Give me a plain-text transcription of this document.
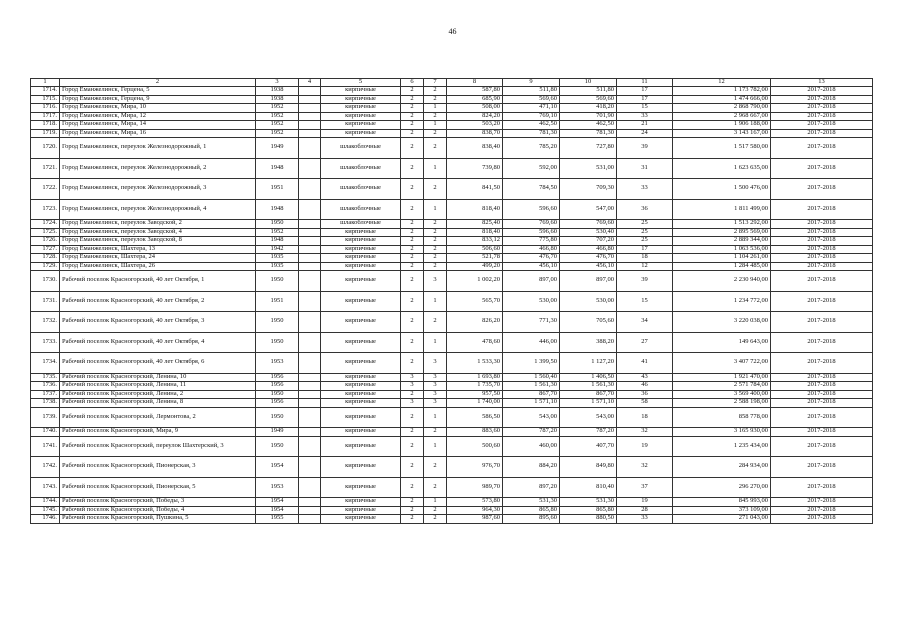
46
1	2	3	4	5	6	7	8	9	10	11	12	13
1714.	Город Еманжелинск, Герцена, 5	1938		кирпичные	2	2	587,80	511,80	511,80	17	1 173 782,00	2017-2018
1715.	Город Еманжелинск, Герцена, 9	1938		кирпичные	2	2	685,90	569,60	569,60	17	1 474 666,00	2017-2018
1716.	Город Еманжелинск, Мира, 10	1952		кирпичные	2	1	508,00	471,10	418,20	15	2 868 790,00	2017-2018
1717.	Город Еманжелинск, Мира, 12	1952		кирпичные	2	2	824,20	769,10	701,90	33	2 968 667,00	2017-2018
1718.	Город Еманжелинск, Мира, 14	1952		кирпичные	2	1	503,20	462,50	462,50	21	1 906 188,00	2017-2018
1719.	Город Еманжелинск, Мира, 16	1952		кирпичные	2	2	838,70	781,30	781,30	24	3 143 167,00	2017-2018
1720.	Город Еманжелинск, переулок Железнодорожный, 1	1949		шлакоблочные	2	2	838,40	785,20	727,80	39	1 517 580,00	2017-2018
1721.	Город Еманжелинск, переулок Железнодорожный, 2	1948		шлакоблочные	2	1	739,80	592,00	531,00	31	1 623 635,00	2017-2018
1722.	Город Еманжелинск, переулок Железнодорожный, 3	1951		шлакоблочные	2	2	841,50	784,50	709,30	33	1 500 476,00	2017-2018
1723.	Город Еманжелинск, переулок Железнодорожный, 4	1948		шлакоблочные	2	1	818,40	596,60	547,00	36	1 811 499,00	2017-2018
1724.	Город Еманжелинск, переулок Заводской, 2	1950		шлакоблочные	2	2	825,40	769,60	769,60	25	1 513 292,00	2017-2018
1725.	Город Еманжелинск, переулок Заводской, 4	1952		кирпичные	2	2	818,40	596,60	530,40	25	2 895 569,00	2017-2018
1726.	Город Еманжелинск, переулок Заводской, 8	1948		кирпичные	2	2	833,12	775,80	707,20	25	2 889 344,00	2017-2018
1727.	Город Еманжелинск, Шахтера, 13	1942		кирпичные	2	2	506,60	466,80	466,80	17	1 063 536,00	2017-2018
1728.	Город Еманжелинск, Шахтера, 24	1935		кирпичные	2	2	521,78	476,70	476,70	18	1 104 261,00	2017-2018
1729.	Город Еманжелинск, Шахтера, 26	1935		кирпичные	2	2	499,20	456,10	456,10	12	1 284 485,00	2017-2018
1730.	Рабочий поселок Красногорский, 40 лет Октября, 1	1950		кирпичные	2	3	1 002,20	897,00	897,00	39	2 230 940,00	2017-2018
1731.	Рабочий поселок Красногорский, 40 лет Октября, 2	1951		кирпичные	2	1	565,70	530,00	530,00	15	1 234 772,00	2017-2018
1732.	Рабочий поселок Красногорский, 40 лет Октября, 3	1950		кирпичные	2	2	826,20	771,30	705,60	34	3 220 038,00	2017-2018
1733.	Рабочий поселок Красногорский, 40 лет Октября, 4	1950		кирпичные	2	1	478,60	446,00	388,20	27	149 643,00	2017-2018
1734.	Рабочий поселок Красногорский, 40 лет Октября, 6	1953		кирпичные	2	3	1 533,30	1 399,50	1 127,20	41	3 407 722,00	2017-2018
1735.	Рабочий поселок Красногорский, Ленина, 10	1956		кирпичные	3	3	1 693,80	1 560,40	1 406,50	43	1 921 470,00	2017-2018
1736.	Рабочий поселок Красногорский, Ленина, 11	1956		кирпичные	3	3	1 735,70	1 561,30	1 561,30	46	2 571 784,00	2017-2018
1737.	Рабочий поселок Красногорский, Ленина, 2	1950		кирпичные	2	3	957,50	867,70	867,70	36	3 569 400,00	2017-2018
1738.	Рабочий поселок Красногорский, Ленина, 8	1956		кирпичные	3	3	1 740,00	1 571,10	1 571,10	58	2 588 198,00	2017-2018
1739.	Рабочий поселок Красногорский, Лермонтова, 2	1950		кирпичные	2	1	586,50	543,00	543,00	18	858 778,00	2017-2018
1740.	Рабочий поселок Красногорский, Мира, 9	1949		кирпичные	2	2	883,60	787,20	787,20	32	3 165 930,00	2017-2018
1741.	Рабочий поселок Красногорский, переулок Шахтерский, 3	1950		кирпичные	2	1	500,60	460,00	407,70	19	1 235 434,00	2017-2018
1742.	Рабочий поселок Красногорский, Пионерская, 3	1954		кирпичные	2	2	976,70	884,20	849,80	32	284 934,00	2017-2018
1743.	Рабочий поселок Красногорский, Пионерская, 5	1953		кирпичные	2	2	989,70	897,20	810,40	37	296 270,00	2017-2018
1744.	Рабочий поселок Красногорский, Победы, 3	1954		кирпичные	2	1	573,80	531,30	531,30	19	845 993,00	2017-2018
1745.	Рабочий поселок Красногорский, Победы, 4	1954		кирпичные	2	2	964,30	865,80	865,80	28	373 109,00	2017-2018
1746.	Рабочий поселок Красногорский, Пушкина, 5	1955		кирпичные	2	2	987,60	895,60	880,50	33	271 043,00	2017-2018
